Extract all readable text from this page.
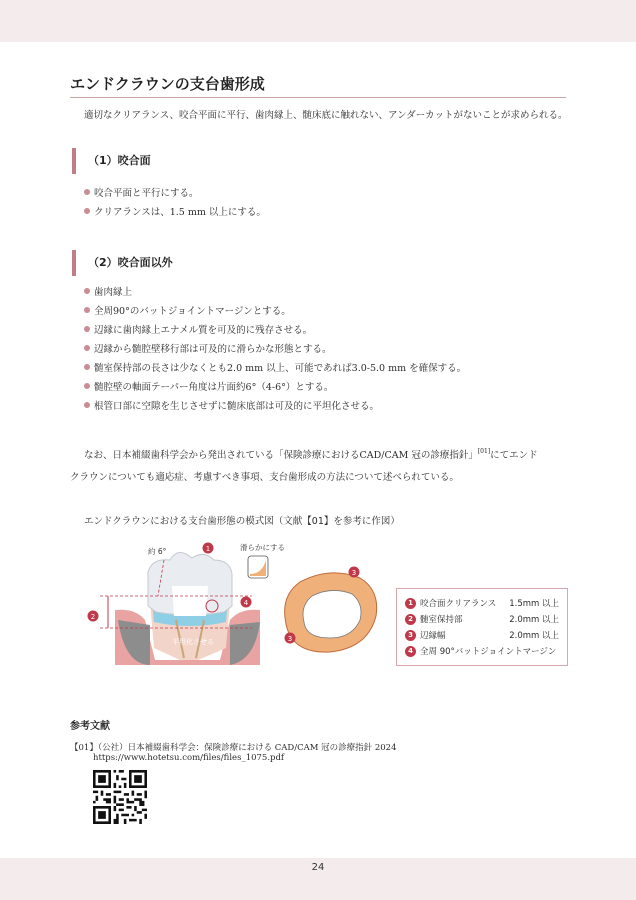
エンドクラウンの支台歯形成
適切なクリアランス、咬合平面に平行、歯肉縁上、髄床底に触れない、アンダーカットがないことが求められる。
（1）咬合面
咬合平面と平行にする。
クリアランスは、1.5 mm 以上にする。
（2）咬合面以外
歯肉縁上
全周90°のバットジョイントマージンとする。
辺縁に歯肉縁上エナメル質を可及的に残存させる。
辺縁から髄腔壁移行部は可及的に滑らかな形態とする。
髄室保持部の長さは少なくとも2.0 mm 以上、可能であれば3.0-5.0 mm を確保する。
髄腔壁の軸面テーパー角度は片面約6°（4-6°）とする。
根管口部に空隙を生じさせずに髄床底部は可及的に平坦化させる。

なお、日本補綴歯科学会から発出されている「保険診療におけるCAD/CAM 冠の診療指針」[01]にてエンド

クラウンについても適応症、考慮すべき事項、支台歯形成の方法について述べられている。

エンドクラウンにおける支台歯形態の模式図（文献【01】を参考に作図）
約 6°	滑らかにする
平坦化させる
1
2
4
3
3
1 咬合面クリアランス	1.5mm 以上
2 髄室保持部	2.0mm 以上
3 辺縁幅	2.0mm 以上
4 全周 90°バットジョイントマージン
参考文献
【01】（公社）日本補綴歯科学会：保険診療における CAD/CAM 冠の診療指針 2024
https://www.hotetsu.com/files/files_1075.pdf
24
